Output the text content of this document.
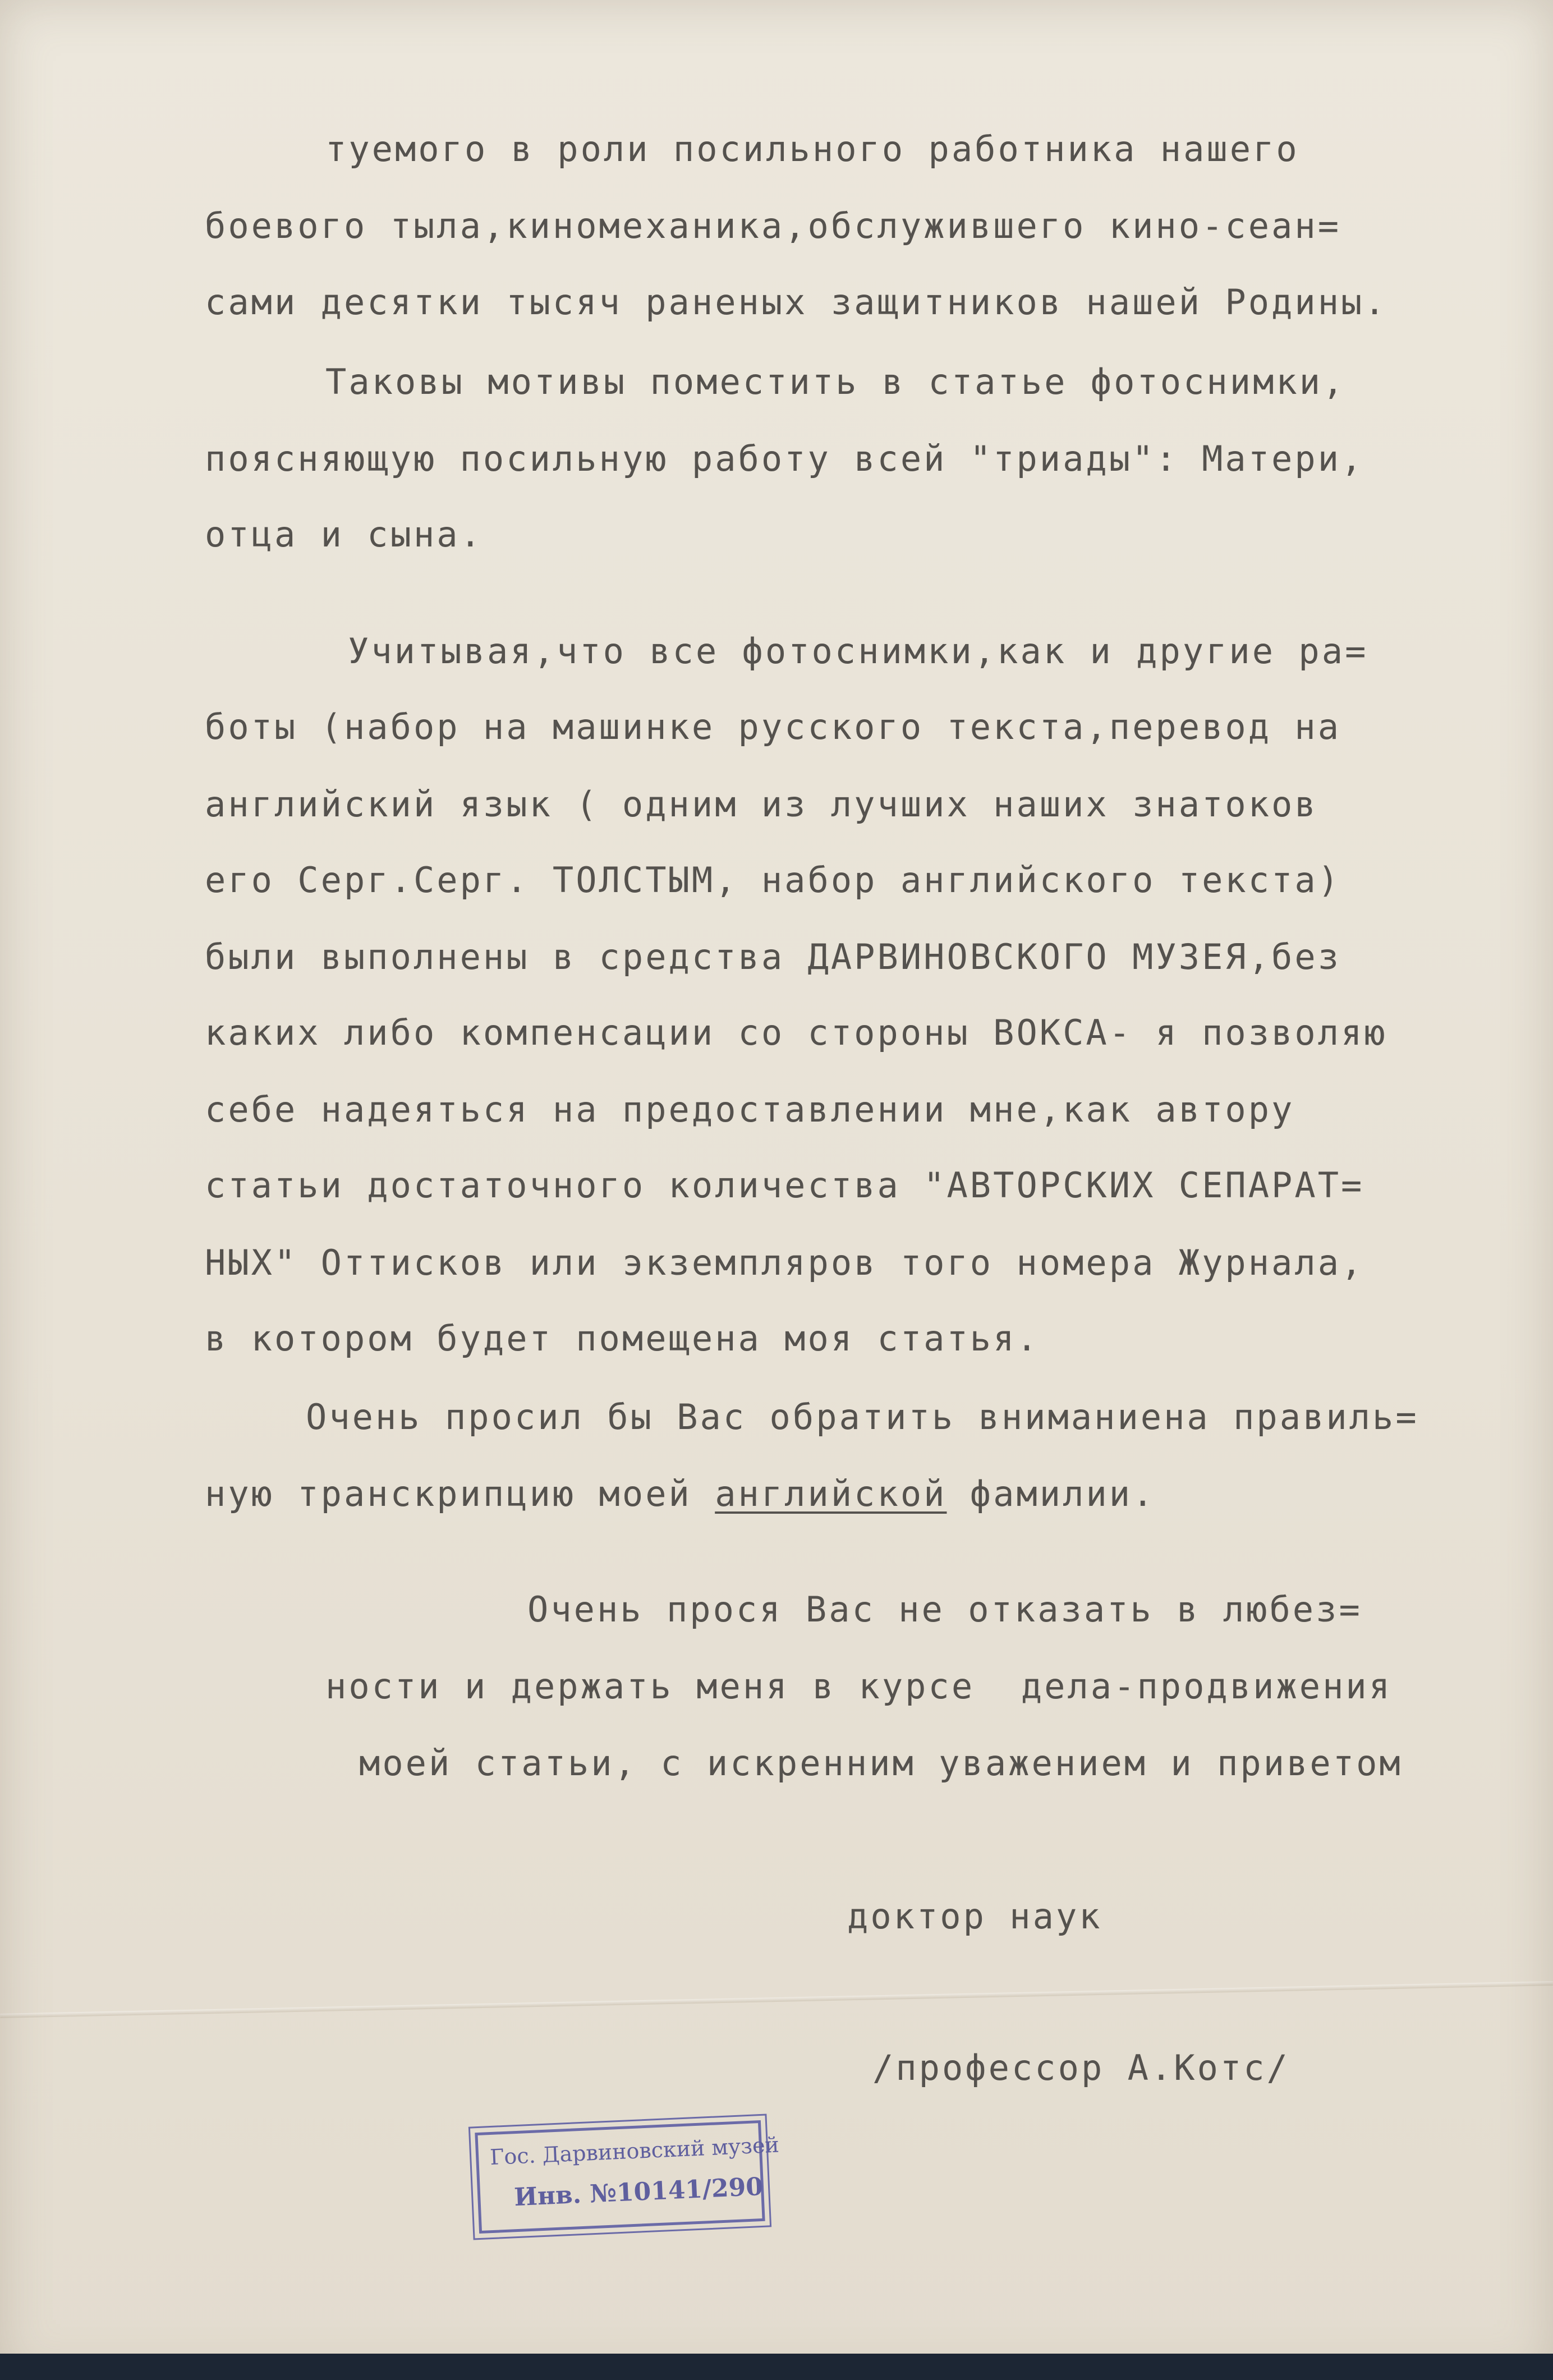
туемого в роли посильного работника нашего

боевого тыла,киномеханика,обслужившего кино-сеан=

сами десятки тысяч раненых защитников нашей Родины.

Таковы мотивы поместить в статье фотоснимки,

поясняющую посильную работу всей "триады": Матери,

отца и сына.

Учитывая,что все фотоснимки,как и другие ра=

боты (набор на машинке русского текста,перевод на

английский язык ( одним из лучших наших знатоков

его Серг.Серг. ТОЛСТЫМ, набор английского текста)

были выполнены в средства ДАРВИНОВСКОГО МУЗЕЯ,без

каких либо компенсации со стороны ВОКСА- я позволяю

себе надеяться на предоставлении мне,как автору

статьи достаточного количества "АВТОРСКИХ СЕПАРАТ=

НЫХ" Оттисков или экземпляров того номера Журнала,

в котором будет помещена моя статья.

Очень просил бы Вас обратить вниманиена правиль=

ную транскрипцию моей английской фамилии.

Очень прося Вас не отказать в любез=

ности и держать меня в курсе  дела-продвижения

моей статьи, с искренним уважением и приветом

доктор наук

/профессор А.Котс/

Гос. Дарвиновский музей
Инв. №10141/290
